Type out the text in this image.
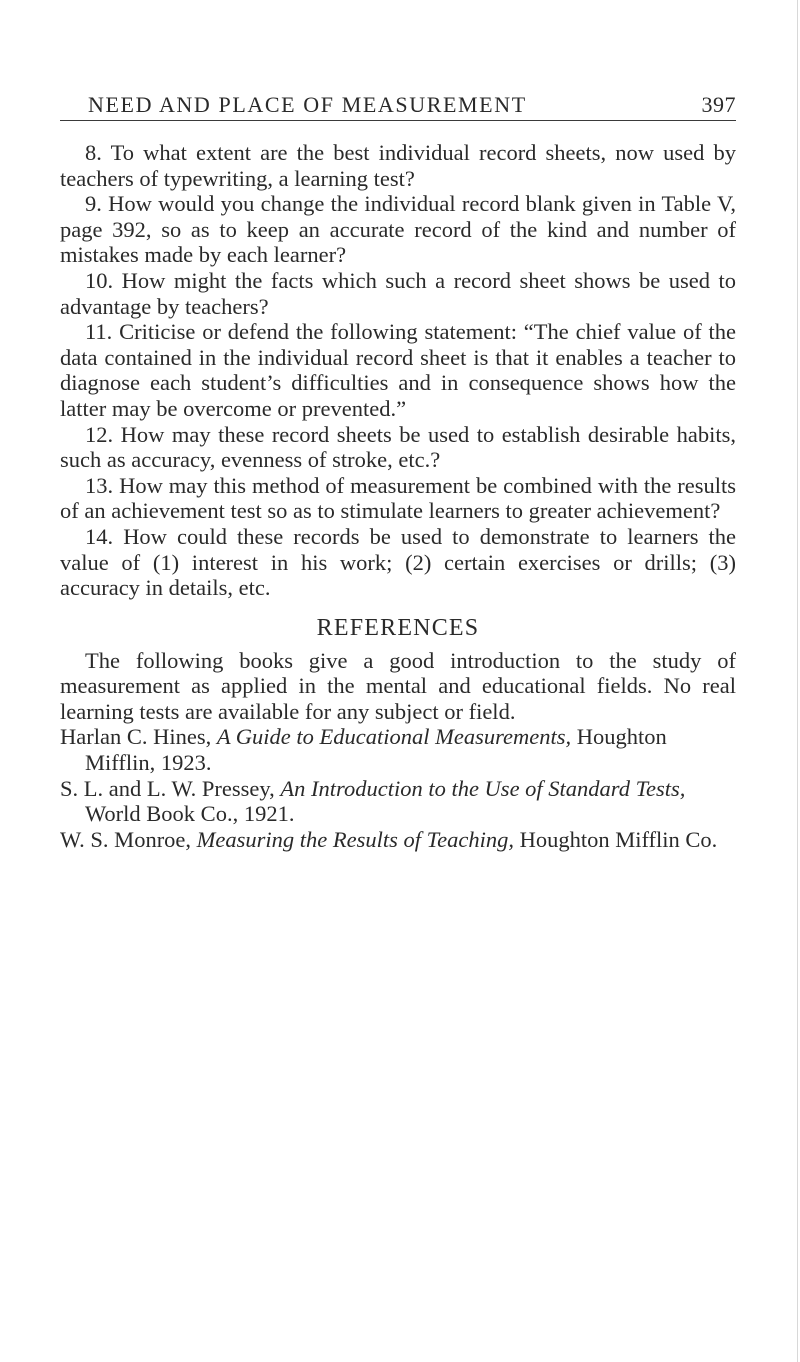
NEED AND PLACE OF MEASUREMENT	397

8. To what extent are the best individual record sheets, now used by teachers of typewriting, a learning test?

9. How would you change the individual record blank given in Table V, page 392, so as to keep an accurate record of the kind and number of mistakes made by each learner?

10. How might the facts which such a record sheet shows be used to advantage by teachers?

11. Criticise or defend the following statement: “The chief value of the data contained in the individual record sheet is that it enables a teacher to diagnose each student’s difficulties and in consequence shows how the latter may be overcome or prevented.”

12. How may these record sheets be used to establish desirable habits, such as accuracy, evenness of stroke, etc.?

13. How may this method of measurement be combined with the results of an achievement test so as to stimulate learners to greater achievement?

14. How could these records be used to demonstrate to learners the value of (1) interest in his work; (2) certain exercises or drills; (3) accuracy in details, etc.

REFERENCES

The following books give a good introduction to the study of measurement as applied in the mental and educational fields. No real learning tests are available for any subject or field.

Harlan C. Hines, A Guide to Educational Measurements, Houghton Mifflin, 1923.

S. L. and L. W. Pressey, An Introduction to the Use of Standard Tests, World Book Co., 1921.

W. S. Monroe, Measuring the Results of Teaching, Houghton Mifflin Co.
